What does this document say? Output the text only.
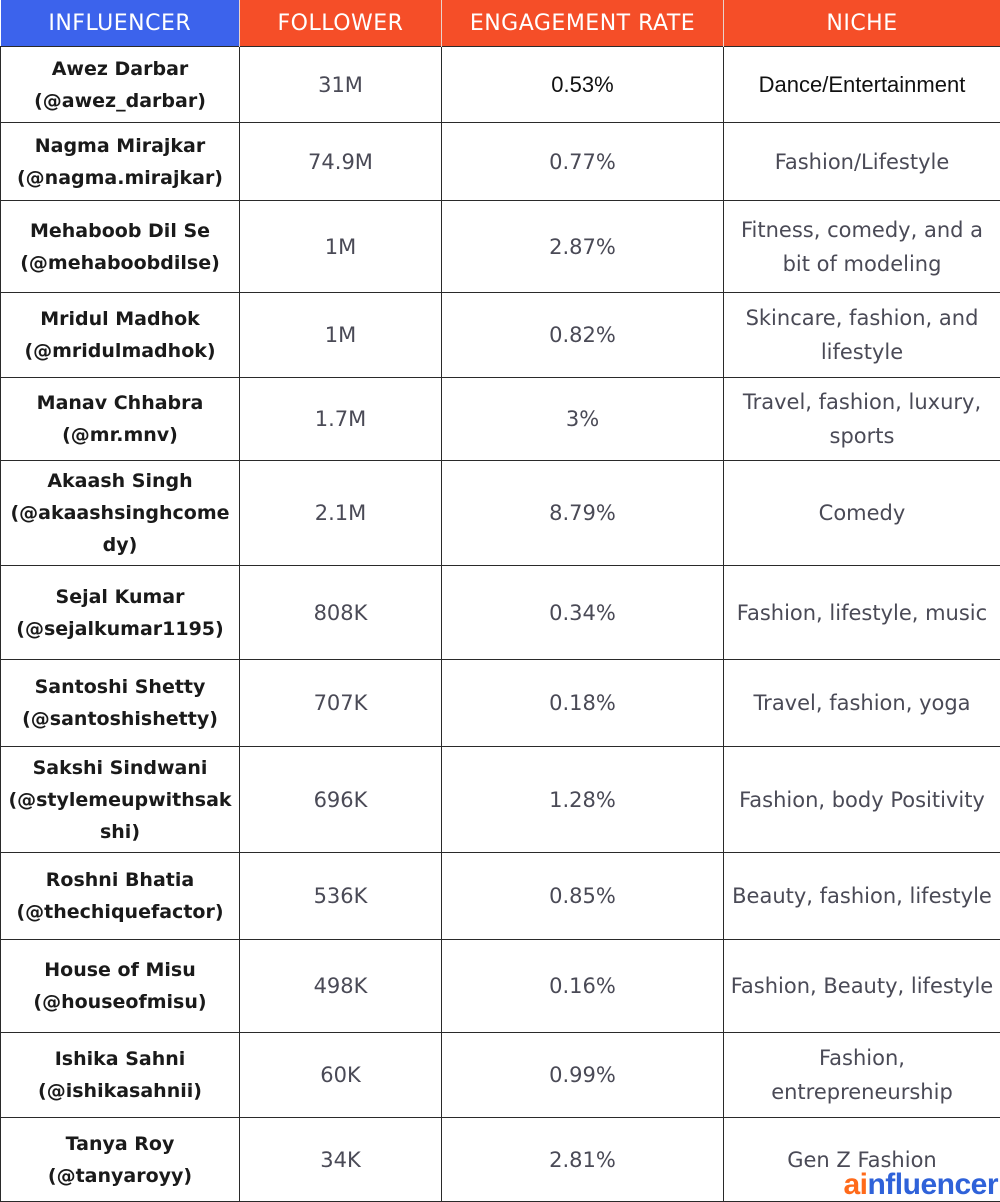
INFLUENCER	FOLLOWER	ENGAGEMENT RATE	NICHE

Awez Darbar
(@awez_darbar)	31M	0.53%	Dance/Entertainment

Nagma Mirajkar
(@nagma.mirajkar)	74.9M	0.77%	Fashion/Lifestyle

Mehaboob Dil Se
(@mehaboobdilse)	1M	2.87%	Fitness, comedy, and a bit of modeling

Mridul Madhok
(@mridulmadhok)	1M	0.82%	Skincare, fashion, and lifestyle

Manav Chhabra
(@mr.mnv)	1.7M	3%	Travel, fashion, luxury, sports

Akaash Singh
(@akaashsinghcomedy)	2.1M	8.79%	Comedy

Sejal Kumar
(@sejalkumar1195)	808K	0.34%	Fashion, lifestyle, music

Santoshi Shetty
(@santoshishetty)	707K	0.18%	Travel, fashion, yoga

Sakshi Sindwani
(@stylemeupwithsakshi)	696K	1.28%	Fashion, body Positivity

Roshni Bhatia
(@thechiquefactor)	536K	0.85%	Beauty, fashion, lifestyle

House of Misu
(@houseofmisu)	498K	0.16%	Fashion, Beauty, lifestyle

Ishika Sahni
(@ishikasahnii)	60K	0.99%	Fashion, entrepreneurship

Tanya Roy
(@tanyaroyy)	34K	2.81%	Gen Z Fashion
ainfluencer
